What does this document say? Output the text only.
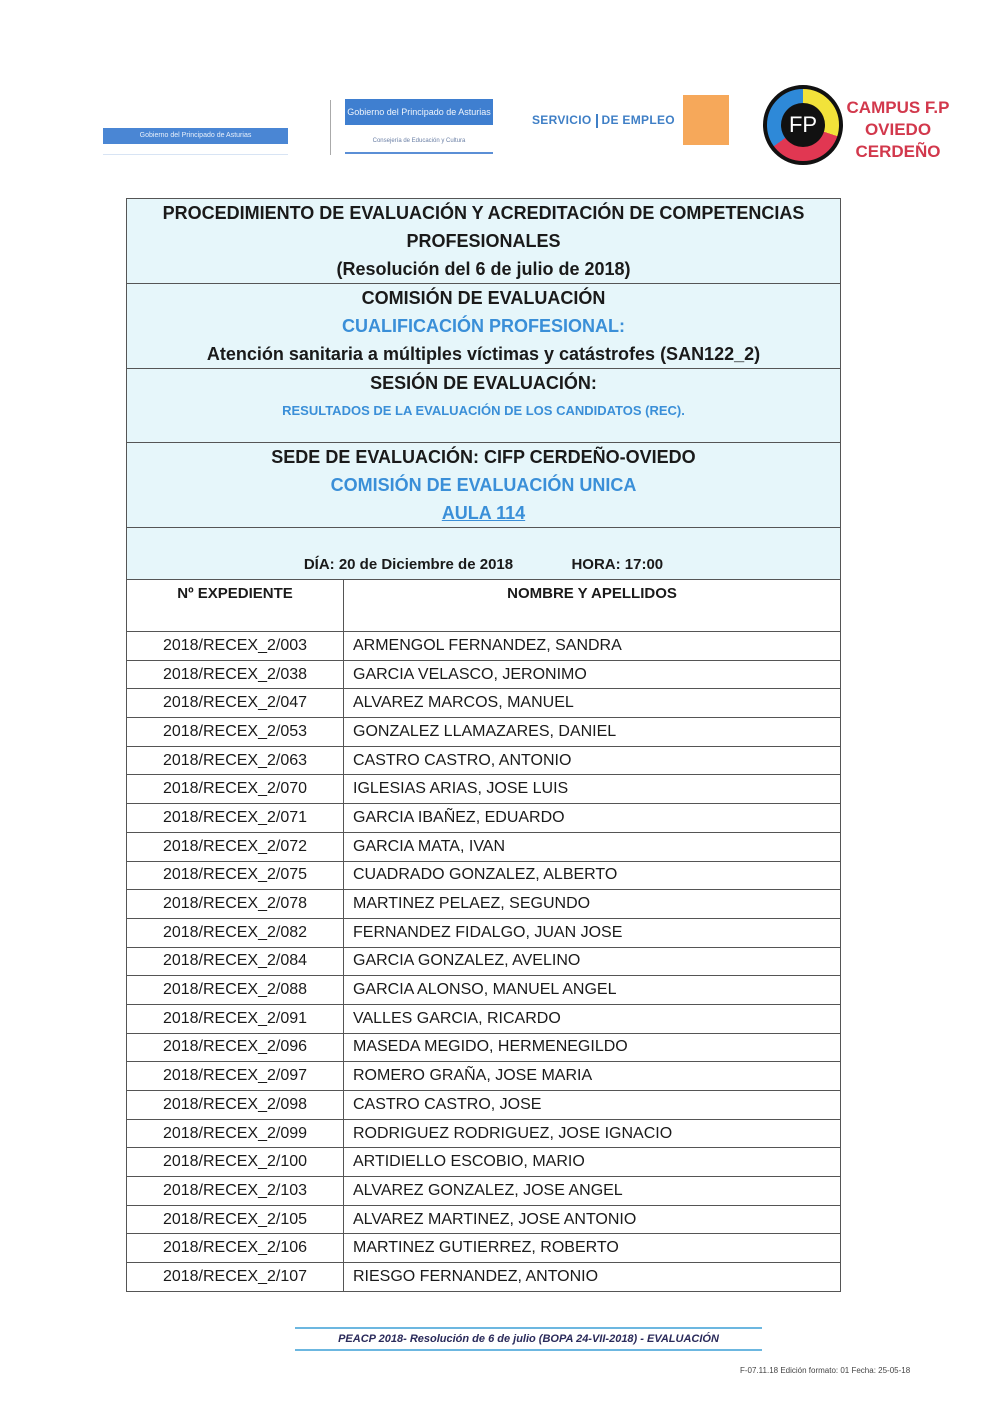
Gobierno del Principado de Asturias
Gobierno del Principado de Asturias
Consejería de Educación y Cultura
SERVICIO DE EMPLEO	FP
CAMPUS F.P
OVIEDO
CERDEÑO
PROCEDIMIENTO DE EVALUACIÓN Y ACREDITACIÓN DE COMPETENCIAS
PROFESIONALES
(Resolución del 6 de julio de 2018)	

COMISIÓN DE EVALUACIÓN
CUALIFICACIÓN PROFESIONAL:
Atención sanitaria a múltiples víctimas y catástrofes (SAN122_2)	

SESIÓN DE EVALUACIÓN:
RESULTADOS DE LA EVALUACIÓN DE LOS CANDIDATOS (REC).	

SEDE DE EVALUACIÓN: CIFP CERDEÑO-OVIEDO
COMISIÓN DE EVALUACIÓN UNICA
AULA 114	

DÍA: 20 de Diciembre de 2018 HORA: 17:00	
Nº EXPEDIENTE	NOMBRE Y APELLIDOS
2018/RECEX_2/003	ARMENGOL FERNANDEZ, SANDRA
2018/RECEX_2/038	GARCIA VELASCO, JERONIMO
2018/RECEX_2/047	ALVAREZ MARCOS, MANUEL
2018/RECEX_2/053	GONZALEZ LLAMAZARES, DANIEL
2018/RECEX_2/063	CASTRO CASTRO, ANTONIO
2018/RECEX_2/070	IGLESIAS ARIAS, JOSE LUIS
2018/RECEX_2/071	GARCIA IBAÑEZ, EDUARDO
2018/RECEX_2/072	GARCIA MATA, IVAN
2018/RECEX_2/075	CUADRADO GONZALEZ, ALBERTO
2018/RECEX_2/078	MARTINEZ PELAEZ, SEGUNDO
2018/RECEX_2/082	FERNANDEZ FIDALGO, JUAN JOSE
2018/RECEX_2/084	GARCIA GONZALEZ, AVELINO
2018/RECEX_2/088	GARCIA ALONSO, MANUEL ANGEL
2018/RECEX_2/091	VALLES GARCIA, RICARDO
2018/RECEX_2/096	MASEDA MEGIDO, HERMENEGILDO
2018/RECEX_2/097	ROMERO GRAÑA, JOSE MARIA
2018/RECEX_2/098	CASTRO CASTRO, JOSE
2018/RECEX_2/099	RODRIGUEZ RODRIGUEZ, JOSE IGNACIO
2018/RECEX_2/100	ARTIDIELLO ESCOBIO, MARIO
2018/RECEX_2/103	ALVAREZ GONZALEZ, JOSE ANGEL
2018/RECEX_2/105	ALVAREZ MARTINEZ, JOSE ANTONIO
2018/RECEX_2/106	MARTINEZ GUTIERREZ, ROBERTO
2018/RECEX_2/107	RIESGO FERNANDEZ, ANTONIO
PEACP 2018- Resolución de 6 de julio (BOPA 24-VII-2018) - EVALUACIÓN
F-07.11.18 Edición formato: 01 Fecha: 25-05-18
